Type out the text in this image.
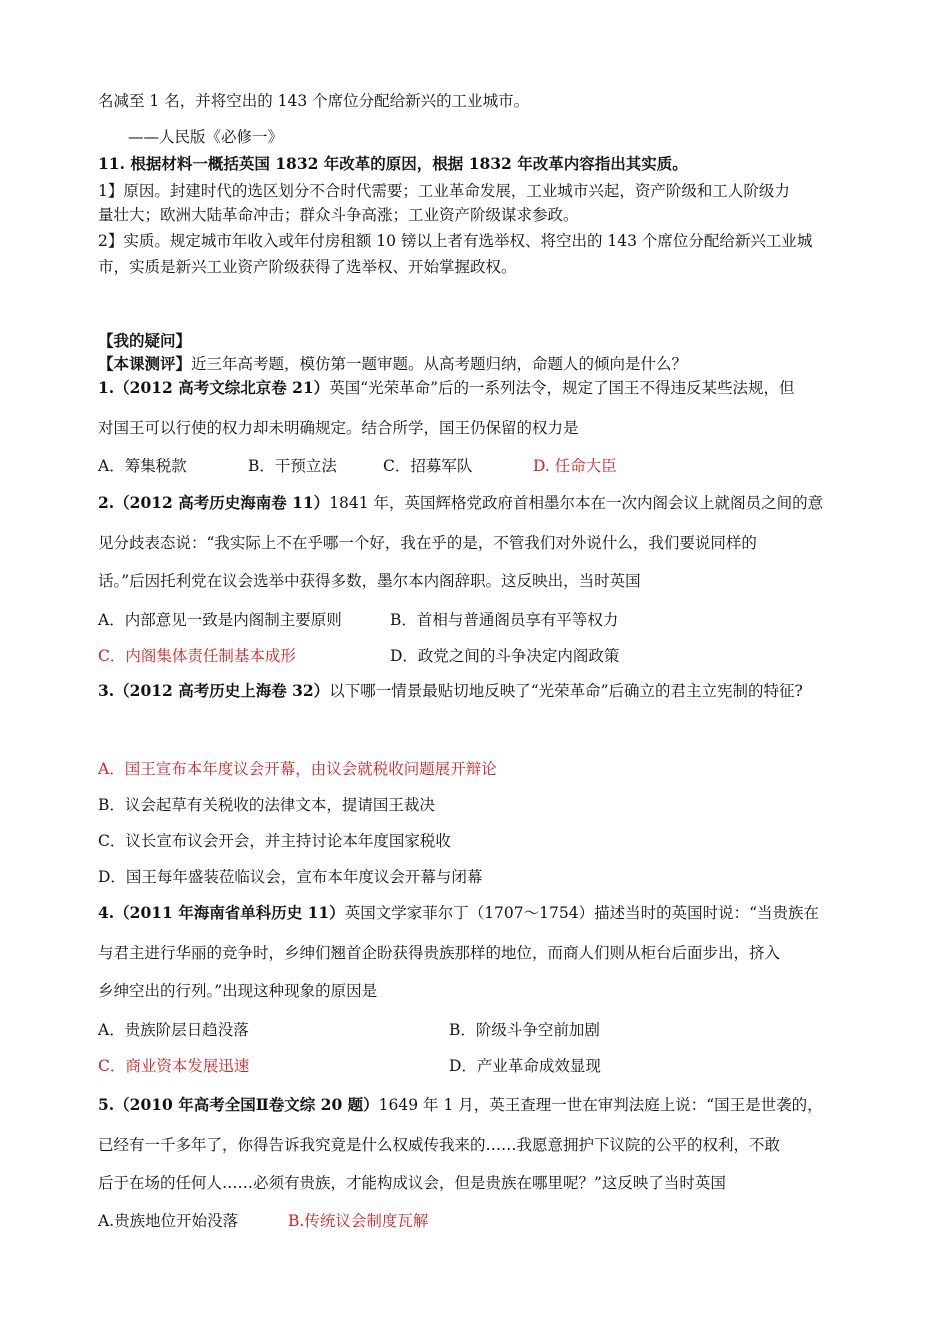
名减至 1 名，并将空出的 143 个席位分配给新兴的工业城市。
——人民版《必修一》
11. 根据材料一概括英国 1832 年改革的原因，根据 1832 年改革内容指出其实质。
1】原因。封建时代的选区划分不合时代需要；工业革命发展，工业城市兴起，资产阶级和工人阶级力
量壮大；欧洲大陆革命冲击；群众斗争高涨；工业资产阶级谋求参政。
2】实质。规定城市年收入或年付房租额 10 镑以上者有选举权、将空出的 143 个席位分配给新兴工业城
市，实质是新兴工业资产阶级获得了选举权、开始掌握政权。
【我的疑问】
【本课测评】近三年高考题，模仿第一题审题。从高考题归纳，命题人的倾向是什么？
1.（2012 高考文综北京卷 21）英国“光荣革命”后的一系列法令，规定了国王不得违反某些法规，但
对国王可以行使的权力却未明确规定。结合所学，国王仍保留的权力是
A．筹集税款	B．干预立法	C．招募军队	D. 任命大臣
2.（2012 高考历史海南卷 11）1841 年，英国辉格党政府首相墨尔本在一次内阁会议上就阁员之间的意
见分歧表态说：“我实际上不在乎哪一个好，我在乎的是，不管我们对外说什么，我们要说同样的
话。”后因托利党在议会选举中获得多数，墨尔本内阁辞职。这反映出，当时英国
A．内部意见一致是内阁制主要原则	B．首相与普通阁员享有平等权力
C．内阁集体责任制基本成形	D．政党之间的斗争决定内阁政策
3.（2012 高考历史上海卷 32）以下哪一情景最贴切地反映了“光荣革命”后确立的君主立宪制的特征?
A．国王宣布本年度议会开幕，由议会就税收问题展开辩论
B．议会起草有关税收的法律文本，提请国王裁决
C．议长宣布议会开会，并主持讨论本年度国家税收
D．国王每年盛装莅临议会，宣布本年度议会开幕与闭幕
4.（2011 年海南省单科历史 11）英国文学家菲尔丁（1707～1754）描述当时的英国时说：“当贵族在
与君主进行华丽的竞争时，乡绅们翘首企盼获得贵族那样的地位，而商人们则从柜台后面步出，挤入
乡绅空出的行列。”出现这种现象的原因是
A．贵族阶层日趋没落	B．阶级斗争空前加剧
C．商业资本发展迅速	D．产业革命成效显现
5.（2010 年高考全国Ⅱ卷文综 20 题）1649 年 1 月，英王查理一世在审判法庭上说：“国王是世袭的，
已经有一千多年了，你得告诉我究竟是什么权威传我来的……我愿意拥护下议院的公平的权利，不敢
后于在场的任何人……必须有贵族，才能构成议会，但是贵族在哪里呢？”这反映了当时英国
A.贵族地位开始没落	B.传统议会制度瓦解
